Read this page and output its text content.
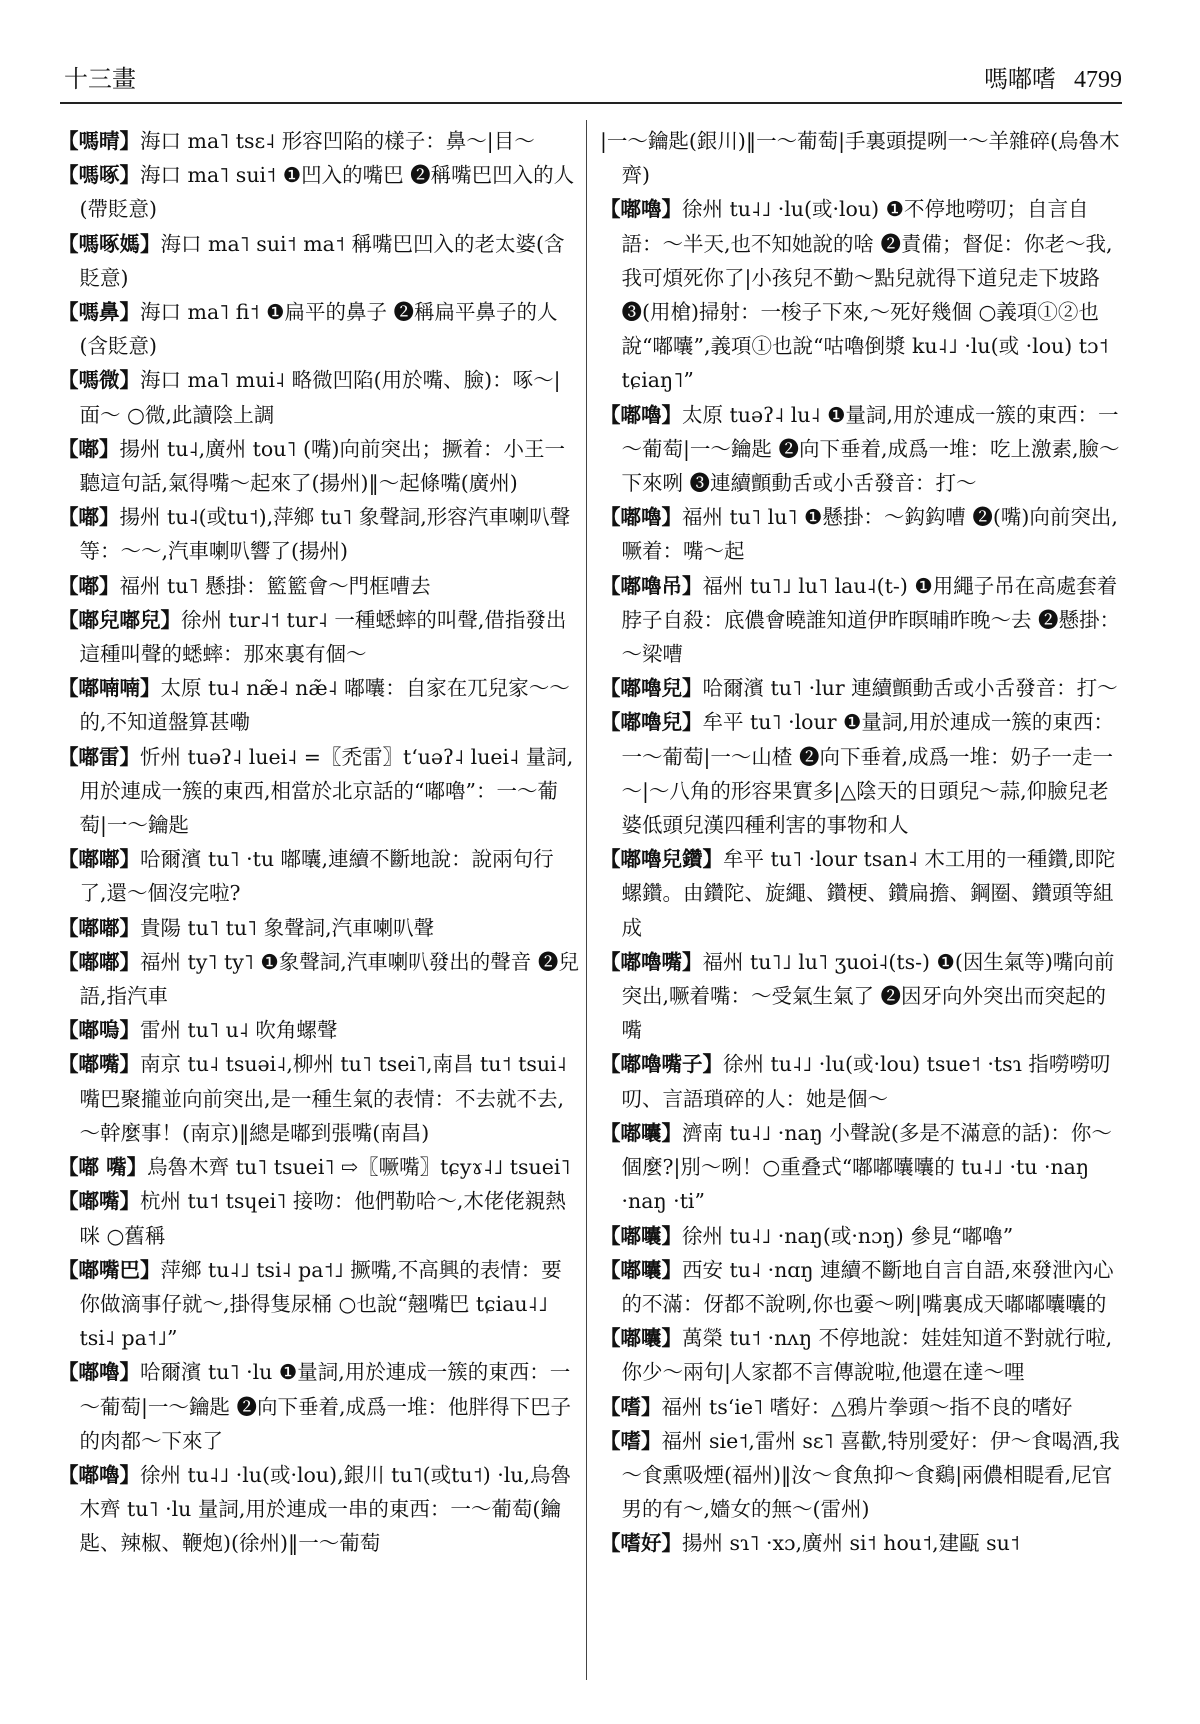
十三畫	嗎嘟嗜 4799

【嗎晴】海口 ma˥ tsɛ˨ 形容凹陷的樣子：鼻～|目～

【嗎啄】海口 ma˥ sui˦ ❶凹入的嘴巴 ❷稱嘴巴凹入的人(帶貶意)

【嗎啄媽】海口 ma˥ sui˦ ma˦ 稱嘴巴凹入的老太婆(含貶意)

【嗎鼻】海口 ma˥ fi˦ ❶扁平的鼻子 ❷稱扁平鼻子的人(含貶意)

【嗎微】海口 ma˥ mui˨ 略微凹陷(用於嘴、臉)：啄～|面～ ○微,此讀陰上調

【嘟】揚州 tu˨,廣州 tou˥ (嘴)向前突出；撅着：小王一聽這句話,氣得嘴～起來了(揚州)‖～起條嘴(廣州)

【嘟】揚州 tu˨(或tu˦),萍鄉 tu˥ 象聲詞,形容汽車喇叭聲等：～～,汽車喇叭響了(揚州)

【嘟】福州 tu˥ 懸掛：籃籃會～門框嘈去

【嘟兒嘟兒】徐州 tur˨˦ tur˨ 一種蟋蟀的叫聲,借指發出這種叫聲的蟋蟀：那來裏有個～

【嘟喃喃】太原 tu˨ næ̃˨ næ̃˨ 嘟囔：自家在兀兒家～～的,不知道盤算甚嘞

【嘟雷】忻州 tuəʔ˨ luei˨ =〖禿雷〗tʻuəʔ˨ luei˨ 量詞,用於連成一簇的東西,相當於北京話的“嘟嚕”：一～葡萄|一～鑰匙

【嘟嘟】哈爾濱 tu˥ ·tu 嘟囔,連續不斷地說：說兩句行了,還～個沒完啦?

【嘟嘟】貴陽 tu˥ tu˥ 象聲詞,汽車喇叭聲

【嘟嘟】福州 ty˥ ty˥ ❶象聲詞,汽車喇叭發出的聲音 ❷兒語,指汽車

【嘟嗚】雷州 tu˥ u˨ 吹角螺聲

【嘟嘴】南京 tu˨ tsuəi˨,柳州 tu˥ tsei˥,南昌 tu˦ tsui˨ 嘴巴聚攏並向前突出,是一種生氣的表情：不去就不去,～幹麼事！(南京)‖總是嘟到張嘴(南昌)

【嘟 嘴】烏魯木齊 tu˥ tsuei˥ ⇨〖噘嘴〗tɕyɤ˨˩ tsuei˥

【嘟嘴】杭州 tu˦ tsɥei˥ 接吻：他們勒哈～,木佬佬親熱咪 ○舊稱

【嘟嘴巴】萍鄉 tu˨˩ tsi˨ pa˦˩ 撅嘴,不高興的表情：要你做滴事仔就～,掛得隻尿桶 ○也說“翹嘴巴 tɕiau˨˩ tsi˨ pa˦˩”

【嘟嚕】哈爾濱 tu˥ ·lu ❶量詞,用於連成一簇的東西：一～葡萄|一～鑰匙 ❷向下垂着,成爲一堆：他胖得下巴子的肉都～下來了

【嘟嚕】徐州 tu˨˩ ·lu(或·lou),銀川 tu˥(或tu˦) ·lu,烏魯木齊 tu˥ ·lu 量詞,用於連成一串的東西：一～葡萄(鑰匙、辣椒、鞭炮)(徐州)‖一～葡萄

|一～鑰匙(銀川)‖一～葡萄|手裏頭提咧一～羊雜碎(烏魯木齊)

【嘟嚕】徐州 tu˨˩ ·lu(或·lou) ❶不停地嘮叨；自言自語：～半天,也不知她說的啥 ❷責備；督促：你老～我,我可煩死你了|小孩兒不勤～點兒就得下道兒走下坡路 ❸(用槍)掃射：一梭子下來,～死好幾個 ○義項①②也說“嘟囔”,義項①也說“咕嚕倒漿 ku˨˩ ·lu(或 ·lou) tɔ˦ tɕiaŋ˥”

【嘟嚕】太原 tuəʔ˨ lu˨ ❶量詞,用於連成一簇的東西：一～葡萄|一～鑰匙 ❷向下垂着,成爲一堆：吃上激素,臉～下來咧 ❸連續顫動舌或小舌發音：打～

【嘟嚕】福州 tu˥ lu˥ ❶懸掛：～鈎鈎嘈 ❷(嘴)向前突出,噘着：嘴～起

【嘟嚕吊】福州 tu˥˩ lu˥ lau˨(t-) ❶用繩子吊在高處套着脖子自殺：底儂會曉誰知道伊昨暝晡昨晚～去 ❷懸掛：～梁嘈

【嘟嚕兒】哈爾濱 tu˥ ·lur 連續顫動舌或小舌發音：打～

【嘟嚕兒】牟平 tu˥ ·lour ❶量詞,用於連成一簇的東西：一～葡萄|一～山楂 ❷向下垂着,成爲一堆：奶子一走一～|～八角的形容果實多|△陰天的日頭兒～蒜,仰臉兒老婆低頭兒漢四種利害的事物和人

【嘟嚕兒鑽】牟平 tu˥ ·lour tsan˨ 木工用的一種鑽,即陀螺鑽。由鑽陀、旋繩、鑽梗、鑽扁擔、鋼圈、鑽頭等組成

【嘟嚕嘴】福州 tu˥˩ lu˥ ʒuoi˨(ts-) ❶(因生氣等)嘴向前突出,噘着嘴：～受氣生氣了 ❷因牙向外突出而突起的嘴

【嘟嚕嘴子】徐州 tu˨˩ ·lu(或·lou) tsue˦ ·tsɿ 指嘮嘮叨叨、言語瑣碎的人：她是個～

【嘟囔】濟南 tu˨˩ ·naŋ 小聲說(多是不滿意的話)：你～個麼?|別～咧！○重叠式“嘟嘟囔囔的 tu˨˩ ·tu ·naŋ ·naŋ ·ti”

【嘟囔】徐州 tu˨˩ ·naŋ(或·nɔŋ) 參見“嘟嚕”

【嘟囔】西安 tu˨ ·nɑŋ 連續不斷地自言自語,來發泄內心的不滿：伢都不說咧,你也嫑～咧|嘴裏成天嘟嘟囔囔的

【嘟囔】萬榮 tu˦ ·nʌŋ 不停地說：娃娃知道不對就行啦,你少～兩句|人家都不言傳說啦,他還在達～哩

【嗜】福州 tsʻie˥ 嗜好：△鴉片拳頭～指不良的嗜好

【嗜】福州 sie˦,雷州 sɛ˥ 喜歡,特別愛好：伊～食喝酒,我～食熏吸煙(福州)‖汝～食魚抑～食鷄|兩儂相睼看,尼官男的有～,嬙女的無～(雷州)

【嗜好】揚州 sɿ˥ ·xɔ,廣州 si˦ hou˦,建甌 su˦
